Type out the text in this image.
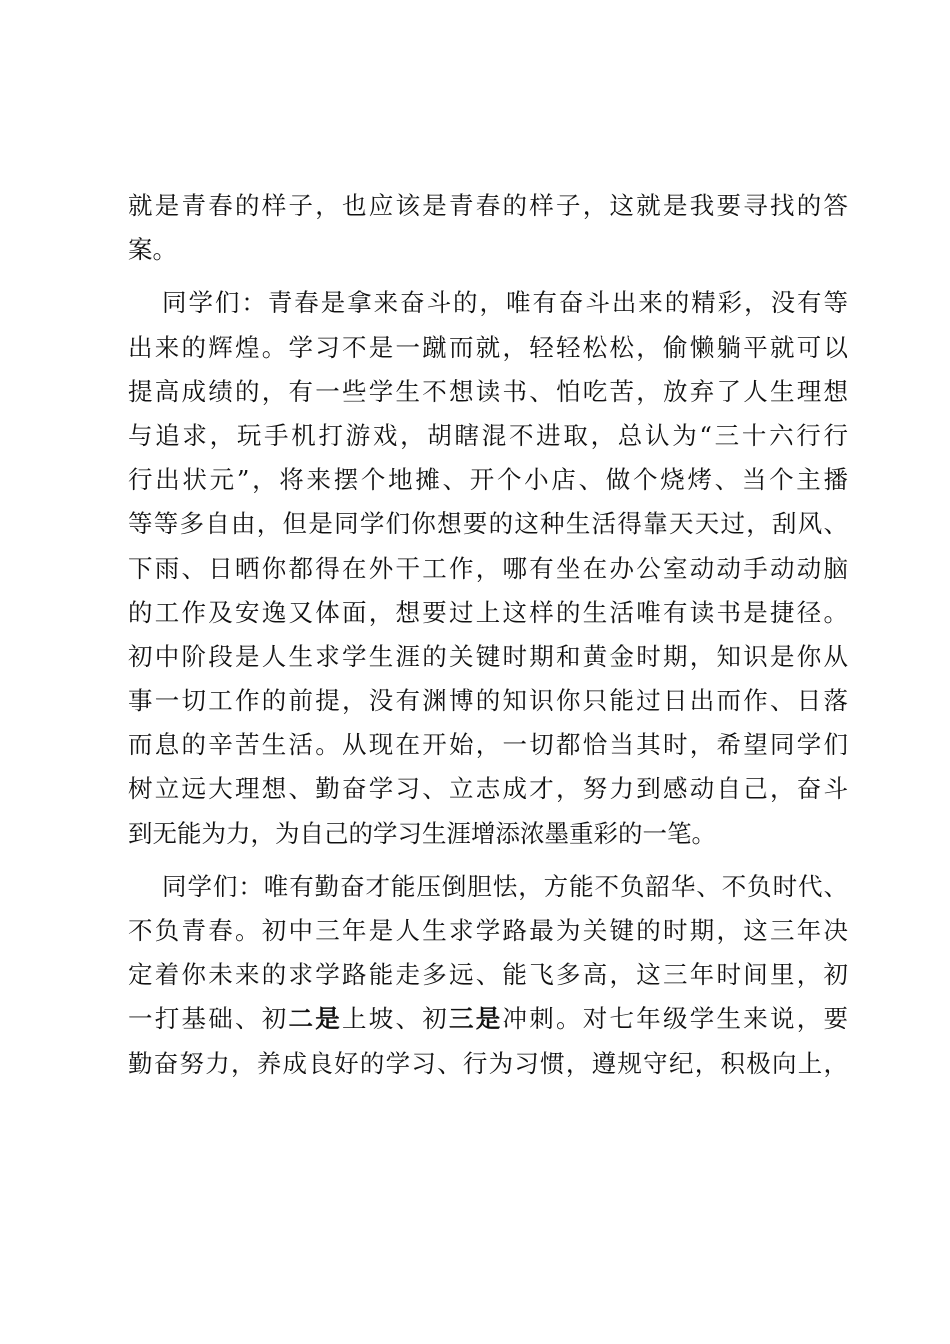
就是青春的样子，也应该是青春的样子，这就是我要寻找的答
案。
同学们：青春是拿来奋斗的，唯有奋斗出来的精彩，没有等
出来的辉煌。学习不是一蹴而就，轻轻松松，偷懒躺平就可以
提高成绩的，有一些学生不想读书、怕吃苦，放弃了人生理想
与追求，玩手机打游戏，胡瞎混不进取，总认为“三十六行行
行出状元”，将来摆个地摊、开个小店、做个烧烤、当个主播
等等多自由，但是同学们你想要的这种生活得靠天天过，刮风、
下雨、日晒你都得在外干工作，哪有坐在办公室动动手动动脑
的工作及安逸又体面，想要过上这样的生活唯有读书是捷径。
初中阶段是人生求学生涯的关键时期和黄金时期，知识是你从
事一切工作的前提，没有渊博的知识你只能过日出而作、日落
而息的辛苦生活。从现在开始，一切都恰当其时，希望同学们
树立远大理想、勤奋学习、立志成才，努力到感动自己，奋斗
到无能为力，为自己的学习生涯增添浓墨重彩的一笔。
同学们：唯有勤奋才能压倒胆怯，方能不负韶华、不负时代、
不负青春。初中三年是人生求学路最为关键的时期，这三年决
定着你未来的求学路能走多远、能飞多高，这三年时间里，初
一打基础、初二是上坡、初三是冲刺。对七年级学生来说，要
勤奋努力，养成良好的学习、行为习惯，遵规守纪，积极向上，
